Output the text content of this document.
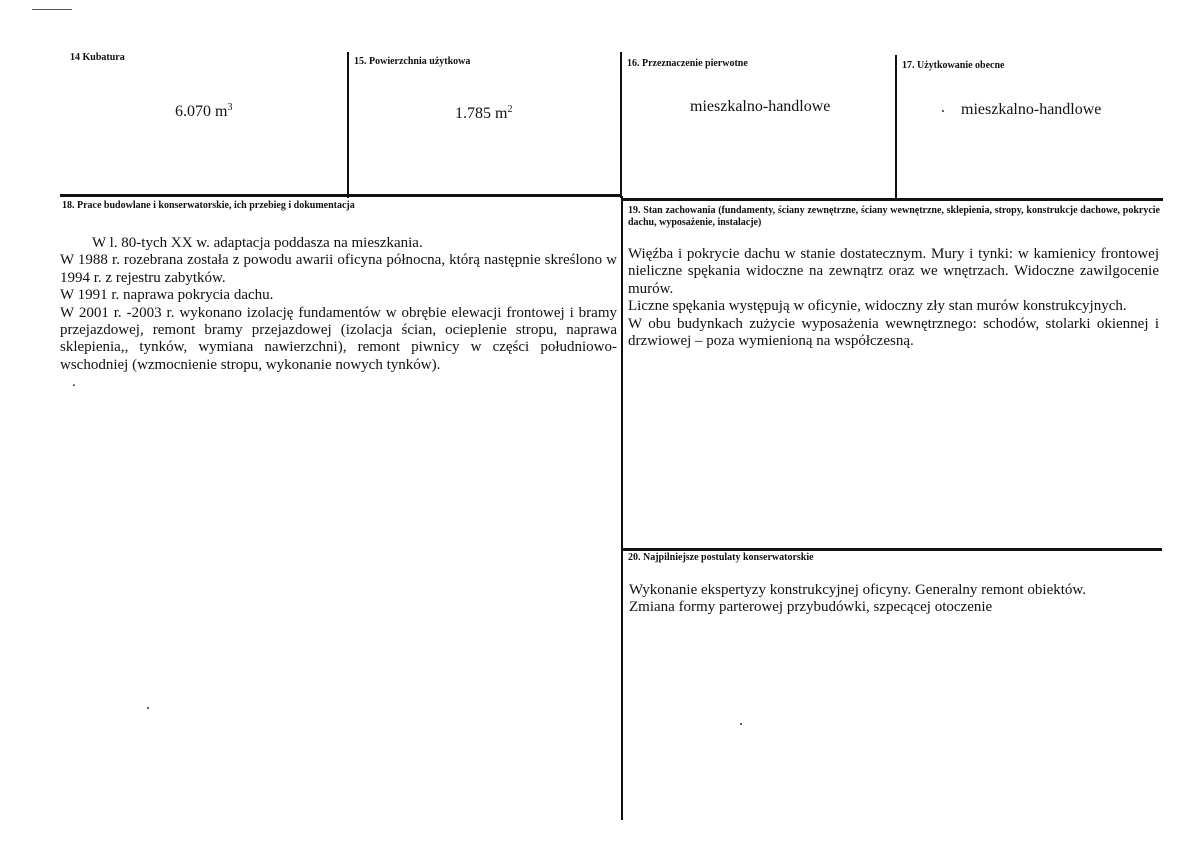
14 Kubatura
6.070 $m^3$
15. Powierzchnia użytkowa
1.785 $m^2$
16. Przeznaczenie pierwotne
mieszkalno-handlowe
17. Użytkowanie obecne
mieszkalno-handlowe
18. Prace budowlane i konserwatorskie, ich przebieg i dokumentacja

W l. 80-tych XX w. adaptacja poddasza na mieszkania.

W 1988 r. rozebrana została z powodu awarii oficyna północna, którą następnie skreślono w 1994 r. z rejestru zabytków.

W 1991 r. naprawa pokrycia dachu.

W 2001 r. -2003 r. wykonano izolację fundamentów w obrębie elewacji frontowej i bramy przejazdowej, remont bramy przejazdowej (izolacja ścian, ocieplenie stropu, naprawa sklepienia,, tynków, wymiana nawierzchni), remont piwnicy w części południowo-wschodniej (wzmocnienie stropu, wykonanie nowych tynków).

.

19. Stan zachowania (fundamenty, ściany zewnętrzne, ściany wewnętrzne, sklepienia, stropy, konstrukcje dachowe, pokrycie dachu, wyposażenie, instalacje)

Więźba i pokrycie dachu w stanie dostatecznym. Mury i tynki: w kamienicy frontowej nieliczne spękania widoczne na zewnątrz oraz we wnętrzach. Widoczne zawilgocenie murów.

Liczne spękania występują w oficynie, widoczny zły stan murów konstrukcyjnych.

W obu budynkach zużycie wyposażenia wewnętrznego: schodów, stolarki okiennej i drzwiowej – poza wymienioną na współczesną.

20. Najpilniejsze postulaty konserwatorskie

Wykonanie ekspertyzy konstrukcyjnej oficyny. Generalny remont obiektów.

Zmiana formy parterowej przybudówki, szpecącej otoczenie
